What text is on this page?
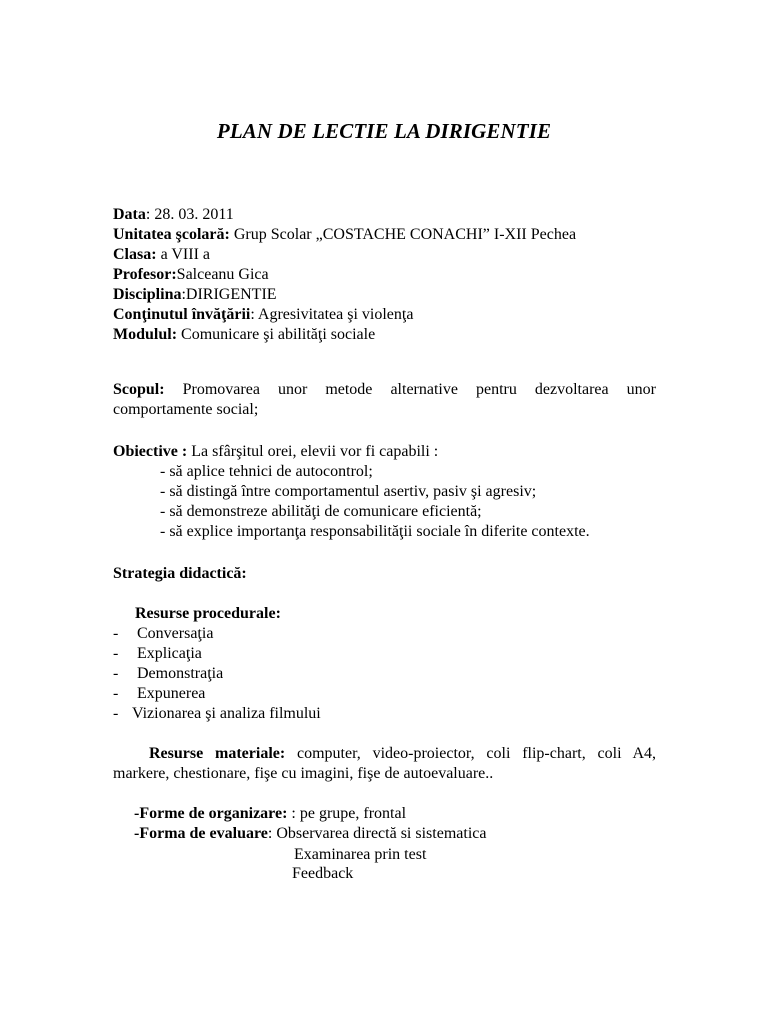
PLAN DE LECTIE LA DIRIGENTIE
Data: 28. 03. 2011
Unitatea şcolară: Grup Scolar „COSTACHE CONACHI” I-XII Pechea
Clasa: a VIII a
Profesor:Salceanu Gica
Disciplina:DIRIGENTIE
Conţinutul învăţării: Agresivitatea şi violenţa
Modulul: Comunicare şi abilităţi sociale
Scopul: Promovarea unor metode alternative pentru dezvoltarea unor comportamente social;
Obiective : La sfârşitul orei, elevii vor fi capabili :
- să aplice tehnici de autocontrol;
- să distingă între comportamentul asertiv, pasiv şi agresiv;
- să demonstreze abilităţi de comunicare eficientă;
- să explice importanţa responsabilităţii sociale în diferite contexte.
Strategia didactică:
Resurse procedurale:
- Conversaţia
- Explicaţia
- Demonstraţia
- Expunerea
- Vizionarea şi analiza filmului
Resurse materiale: computer, video-proiector, coli flip-chart, coli A4, markere, chestionare, fişe cu imagini, fişe de autoevaluare..
-Forme de organizare: : pe grupe, frontal
-Forma de evaluare: Observarea directă si sistematica
Examinarea prin test
Feedback
